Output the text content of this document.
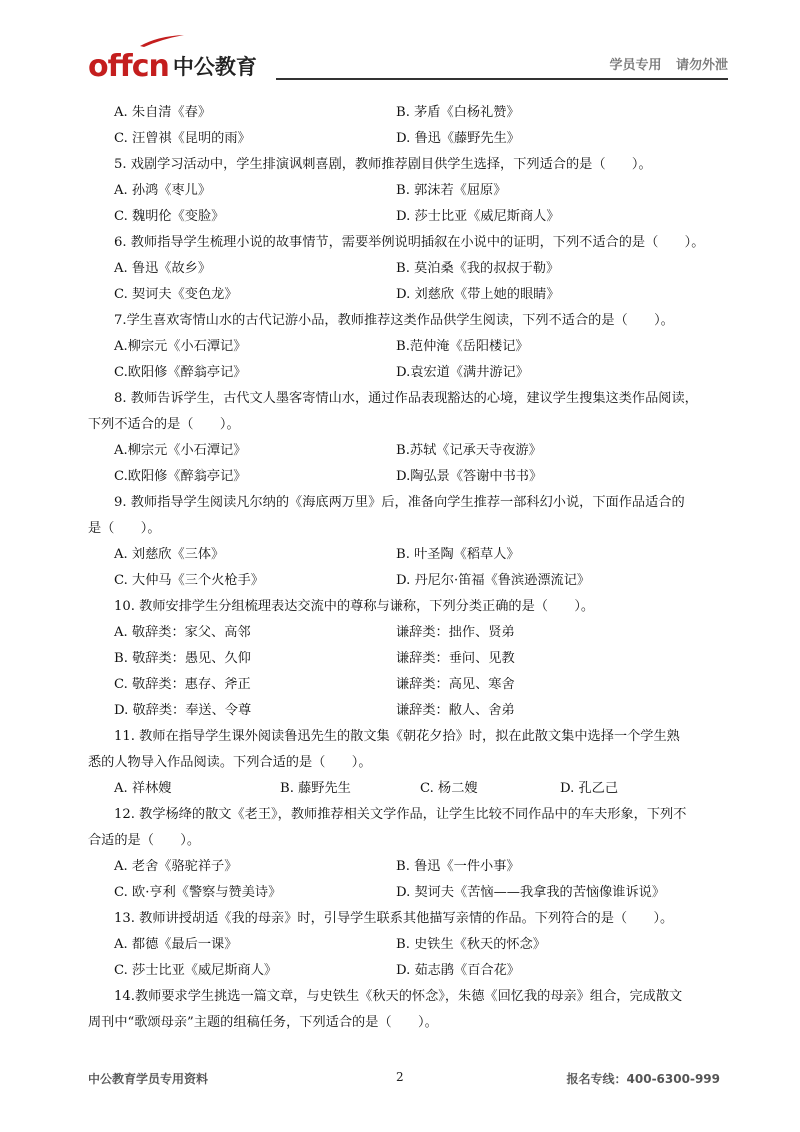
offcn 中公教育	学员专用 请勿外泄
A. 朱自清《春》	B. 茅盾《白杨礼赞》
C. 汪曾祺《昆明的雨》	D. 鲁迅《藤野先生》
5. 戏剧学习活动中，学生排演讽刺喜剧，教师推荐剧目供学生选择，下列适合的是（　　）。
A. 孙鸿《枣儿》	B. 郭沫若《屈原》
C. 魏明伦《变脸》	D. 莎士比亚《威尼斯商人》
6. 教师指导学生梳理小说的故事情节，需要举例说明插叙在小说中的证明，下列不适合的是（　　）。
A. 鲁迅《故乡》	B. 莫泊桑《我的叔叔于勒》
C. 契诃夫《变色龙》	D. 刘慈欣《带上她的眼睛》
7.学生喜欢寄情山水的古代记游小品，教师推荐这类作品供学生阅读，下列不适合的是（　　）。
A.柳宗元《小石潭记》	B.范仲淹《岳阳楼记》
C.欧阳修《醉翁亭记》	D.袁宏道《满井游记》
8. 教师告诉学生，古代文人墨客寄情山水，通过作品表现豁达的心境，建议学生搜集这类作品阅读，
下列不适合的是（　　）。
A.柳宗元《小石潭记》	B.苏轼《记承天寺夜游》
C.欧阳修《醉翁亭记》	D.陶弘景《答谢中书书》
9. 教师指导学生阅读凡尔纳的《海底两万里》后，准备向学生推荐一部科幻小说，下面作品适合的
是（　　）。
A. 刘慈欣《三体》	B. 叶圣陶《稻草人》
C. 大仲马《三个火枪手》	D. 丹尼尔·笛福《鲁滨逊漂流记》
10. 教师安排学生分组梳理表达交流中的尊称与谦称，下列分类正确的是（　　）。
A. 敬辞类：家父、高邻	谦辞类：拙作、贤弟
B. 敬辞类：愚见、久仰	谦辞类：垂问、见教
C. 敬辞类：惠存、斧正	谦辞类：高见、寒舍
D. 敬辞类：奉送、令尊	谦辞类：敝人、舍弟
11. 教师在指导学生课外阅读鲁迅先生的散文集《朝花夕拾》时，拟在此散文集中选择一个学生熟
悉的人物导入作品阅读。下列合适的是（　　）。
A. 祥林嫂	B. 藤野先生	C. 杨二嫂	D. 孔乙己
12. 教学杨绛的散文《老王》，教师推荐相关文学作品，让学生比较不同作品中的车夫形象，下列不
合适的是（　　）。
A. 老舍《骆驼祥子》	B. 鲁迅《一件小事》
C. 欧·亨利《警察与赞美诗》	D. 契诃夫《苦恼——我拿我的苦恼像谁诉说》
13. 教师讲授胡适《我的母亲》时，引导学生联系其他描写亲情的作品。下列符合的是（　　）。
A. 都德《最后一课》	B. 史铁生《秋天的怀念》
C. 莎士比亚《威尼斯商人》	D. 茹志鹃《百合花》
14.教师要求学生挑选一篇文章，与史铁生《秋天的怀念》，朱德《回忆我的母亲》组合，完成散文
周刊中“歌颂母亲”主题的组稿任务，下列适合的是（　　）。
中公教育学员专用资料	2	报名专线：400-6300-999
